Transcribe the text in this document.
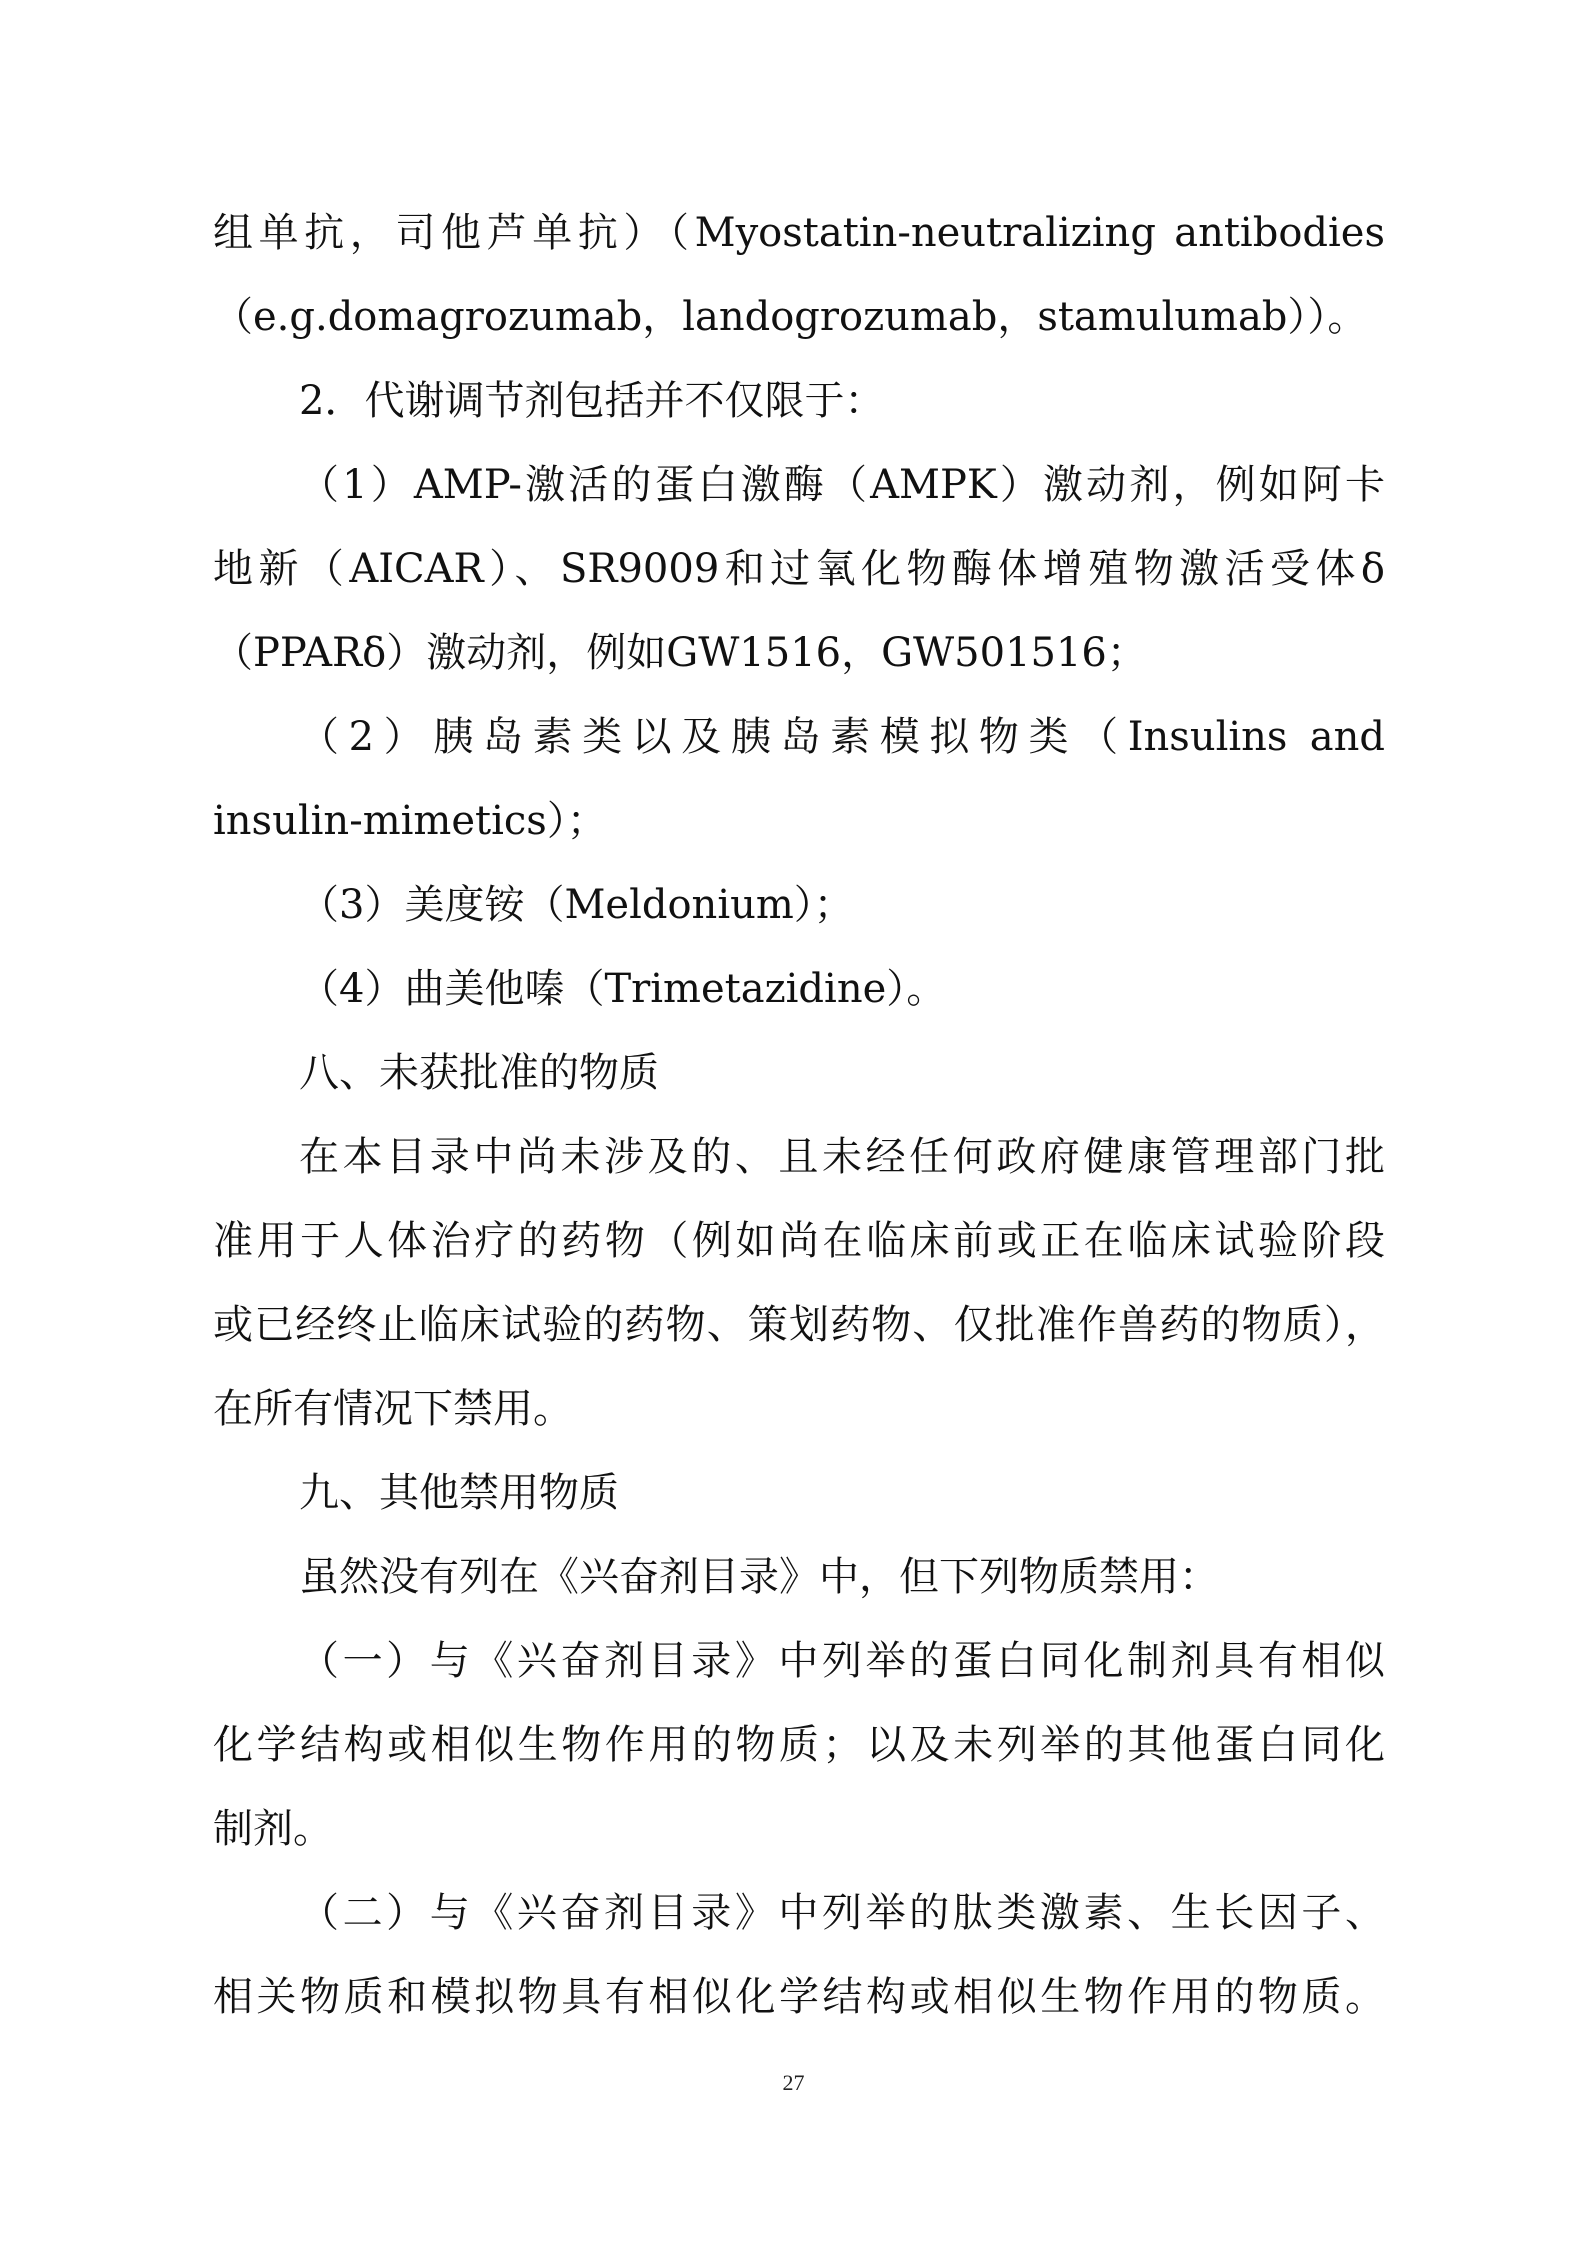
组单抗，司他芦单抗）（Myostatin-neutralizing antibodies
（e.g.domagrozumab，landogrozumab，stamulumab））。
2．代谢调节剂包括并不仅限于：
（1）AMP-激活的蛋白激酶（AMPK）激动剂，例如阿卡
地新（AICAR）、SR9009和过氧化物酶体增殖物激活受体δ
（PPARδ）激动剂，例如GW1516，GW501516；
（2）胰岛素类以及胰岛素模拟物类（Insulins and
insulin-mimetics）；
（3）美度铵（Meldonium）；
（4）曲美他嗪（Trimetazidine）。
八、未获批准的物质
在本目录中尚未涉及的、且未经任何政府健康管理部门批
准用于人体治疗的药物（例如尚在临床前或正在临床试验阶段
或已经终止临床试验的药物、策划药物、仅批准作兽药的物质），
在所有情况下禁用。
九、其他禁用物质
虽然没有列在《兴奋剂目录》中，但下列物质禁用：
（一）与《兴奋剂目录》中列举的蛋白同化制剂具有相似
化学结构或相似生物作用的物质；以及未列举的其他蛋白同化
制剂。
（二）与《兴奋剂目录》中列举的肽类激素、生长因子、
相关物质和模拟物具有相似化学结构或相似生物作用的物质。
27
